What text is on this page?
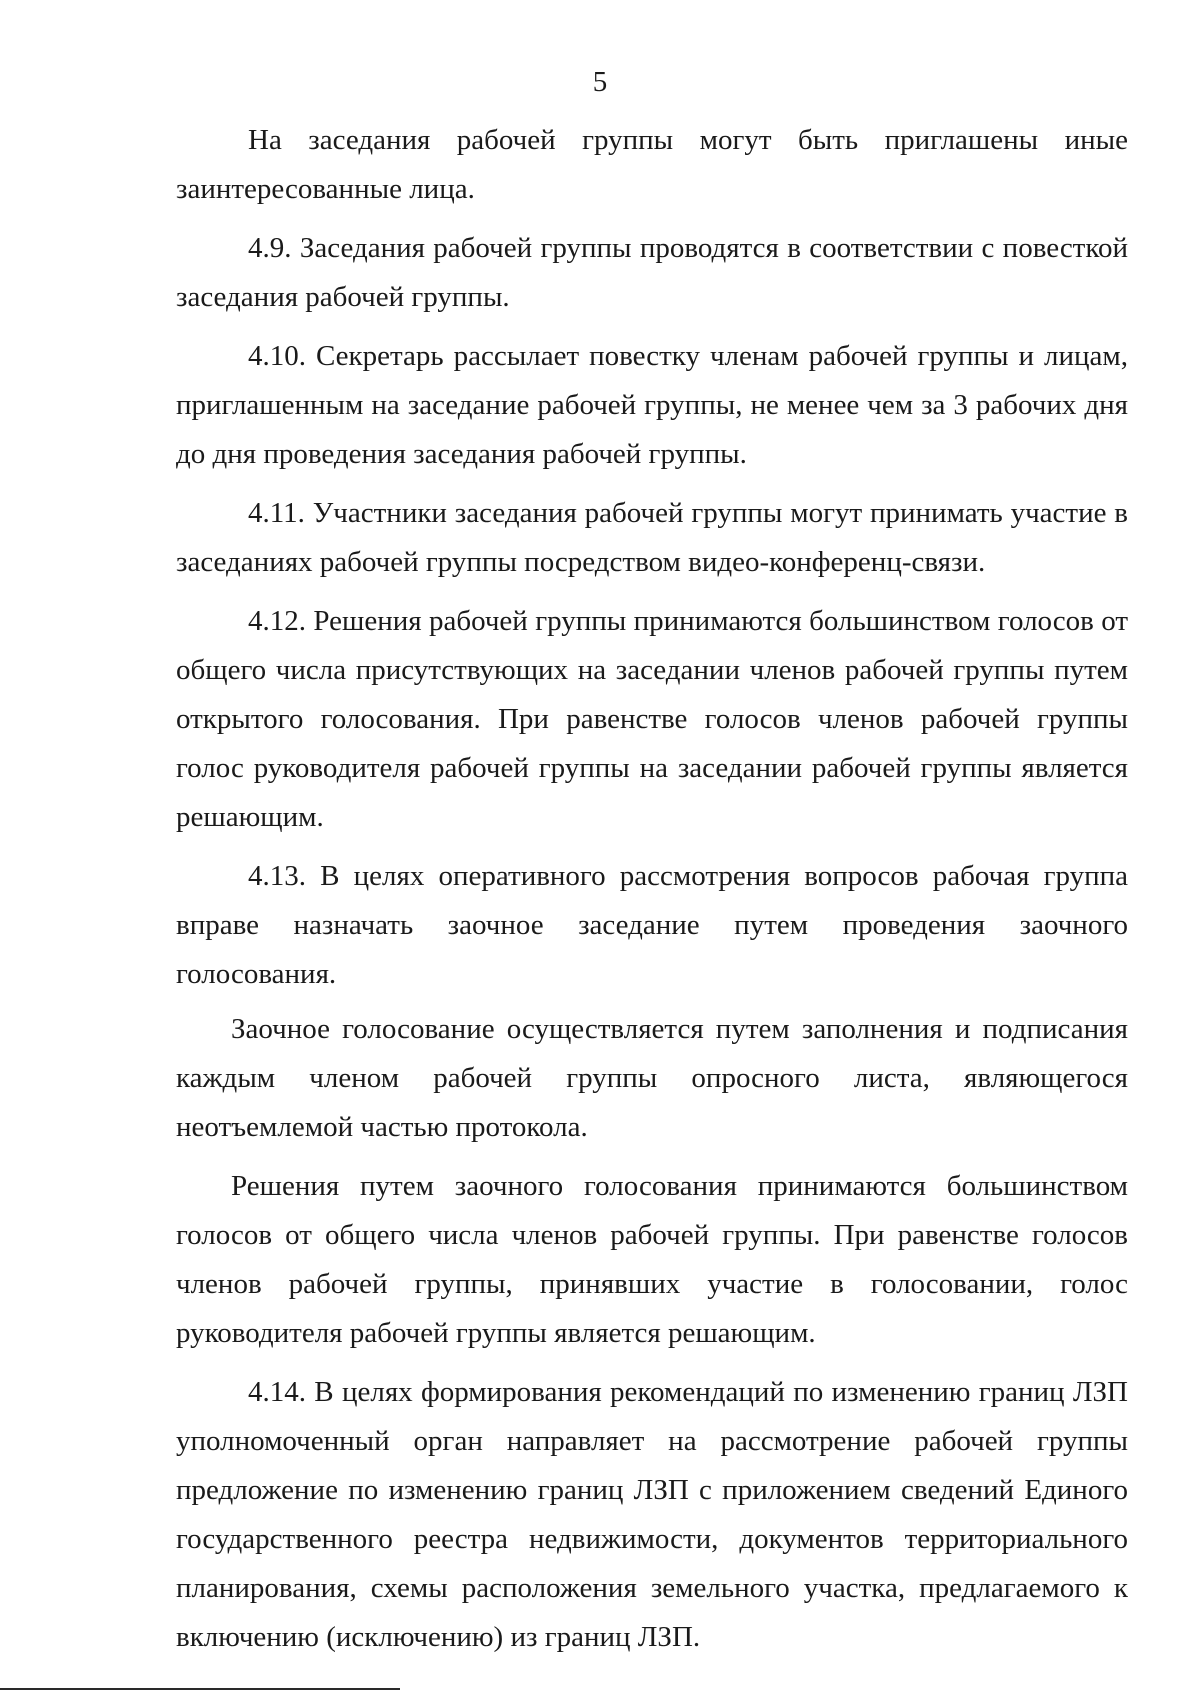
5

На заседания рабочей группы могут быть приглашены иные заинтересованные лица.

4.9. Заседания рабочей группы проводятся в соответствии с повесткой заседания рабочей группы.

4.10. Секретарь рассылает повестку членам рабочей группы и лицам, приглашенным на заседание рабочей группы, не менее чем за 3 рабочих дня до дня проведения заседания рабочей группы.

4.11. Участники заседания рабочей группы могут принимать участие в заседаниях рабочей группы посредством видео-конференц-связи.

4.12. Решения рабочей группы принимаются большинством голосов от общего числа присутствующих на заседании членов рабочей группы путем открытого голосования. При равенстве голосов членов рабочей группы голос руководителя рабочей группы на заседании рабочей группы является решающим.

4.13. В целях оперативного рассмотрения вопросов рабочая группа вправе назначать заочное заседание путем проведения заочного голосования.

Заочное голосование осуществляется путем заполнения и подписания каждым членом рабочей группы опросного листа, являющегося неотъемлемой частью протокола.

Решения путем заочного голосования принимаются большинством голосов от общего числа членов рабочей группы. При равенстве голосов членов рабочей группы, принявших участие в голосовании, голос руководителя рабочей группы является решающим.

4.14. В целях формирования рекомендаций по изменению границ ЛЗП уполномоченный орган направляет на рассмотрение рабочей группы предложение по изменению границ ЛЗП с приложением сведений Единого государственного реестра недвижимости, документов территориального планирования, схемы расположения земельного участка, предлагаемого к включению (исключению) из границ ЛЗП.
